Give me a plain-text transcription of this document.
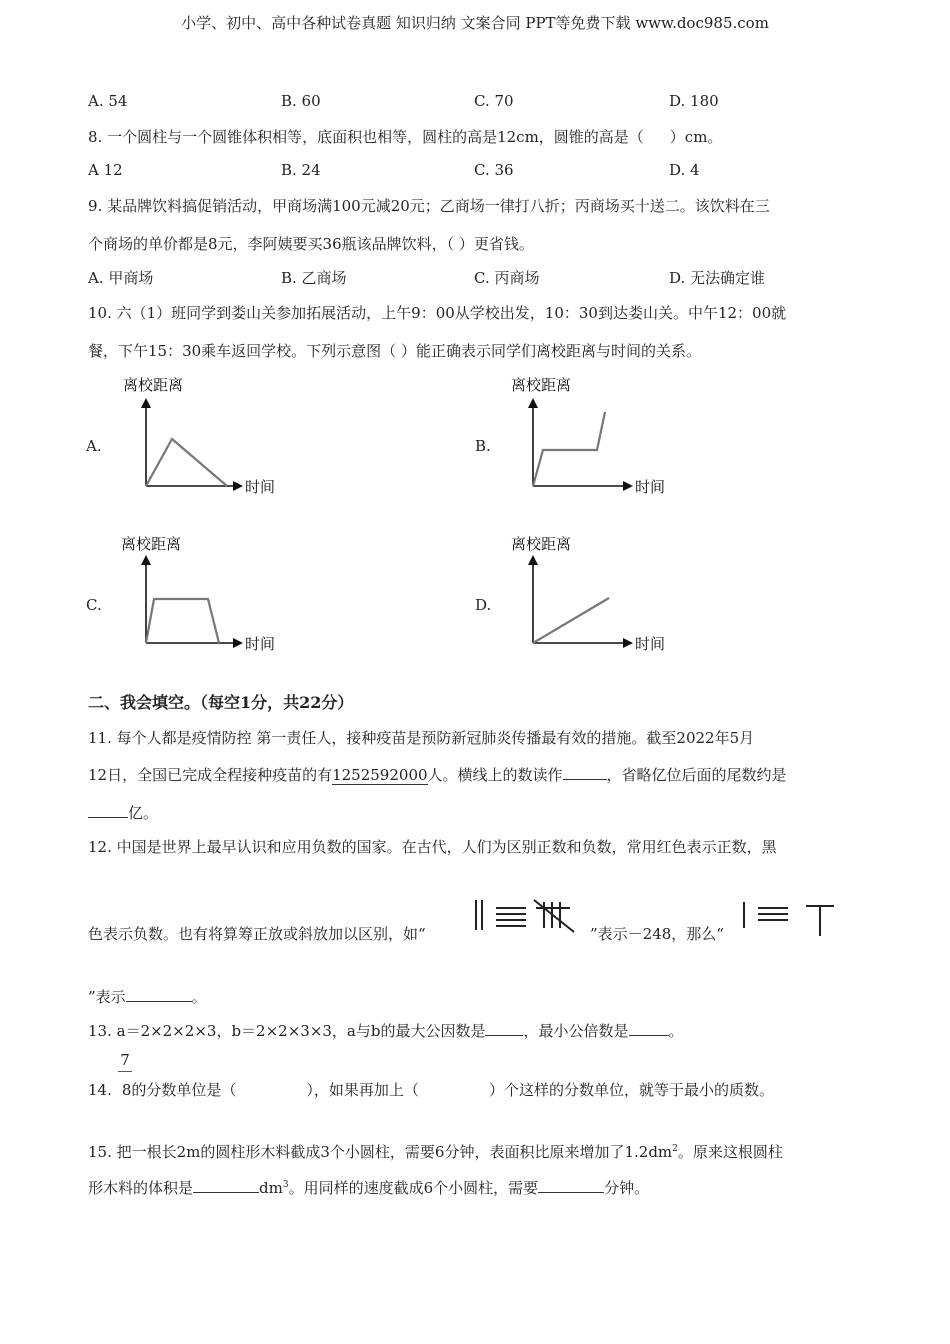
小学、初中、高中各种试卷真题 知识归纳 文案合同 PPT等免费下载 www.doc985.com
A. 54	B. 60	C. 70	D. 180
8. 一个圆柱与一个圆锥体积相等，底面积也相等，圆柱的高是12cm，圆锥的高是（ ）cm。
A 12	B. 24	C. 36	D. 4
9. 某品牌饮料搞促销活动，甲商场满100元减20元；乙商场一律打八折；丙商场买十送二。该饮料在三
个商场的单价都是8元，李阿姨要买36瓶该品牌饮料，（ ）更省钱。
A. 甲商场	B. 乙商场	C. 丙商场	D. 无法确定谁
10. 六（1）班同学到娄山关参加拓展活动，上午9：00从学校出发，10：30到达娄山关。中午12：00就
餐，下午15：30乘车返回学校。下列示意图（ ）能正确表示同学们离校距离与时间的关系。
A.	B.
C.	D.
离校距离
时间
离校距离
时间
离校距离
时间
离校距离
时间
二、我会填空。（每空1分，共22分）
11. 每个人都是疫情防控 第一责任人，接种疫苗是预防新冠肺炎传播最有效的措施。截至2022年5月
12日，全国已完成全程接种疫苗的有1252592000人。横线上的数读作	，省略亿位后面的尾数约是
亿。
12. 中国是世界上最早认识和应用负数的国家。在古代，人们为区别正数和负数，常用红色表示正数，黑
色表示负数。也有将算筹正放或斜放加以区别，如“	”表示－248，那么“
”表示	。
13. a＝2×2×2×3，b＝2×2×3×3，a与b的最大公因数是	，最小公倍数是	。
7
14. 8的分数单位是（	），如果再加上（	）个这样的分数单位，就等于最小的质数。
15. 把一根长2m的圆柱形木料截成3个小圆柱，需要6分钟，表面积比原来增加了$1.2dm^2$。原来这根圆柱
形木料的体积是	$dm^3$。用同样的速度截成6个小圆柱，需要	分钟。
